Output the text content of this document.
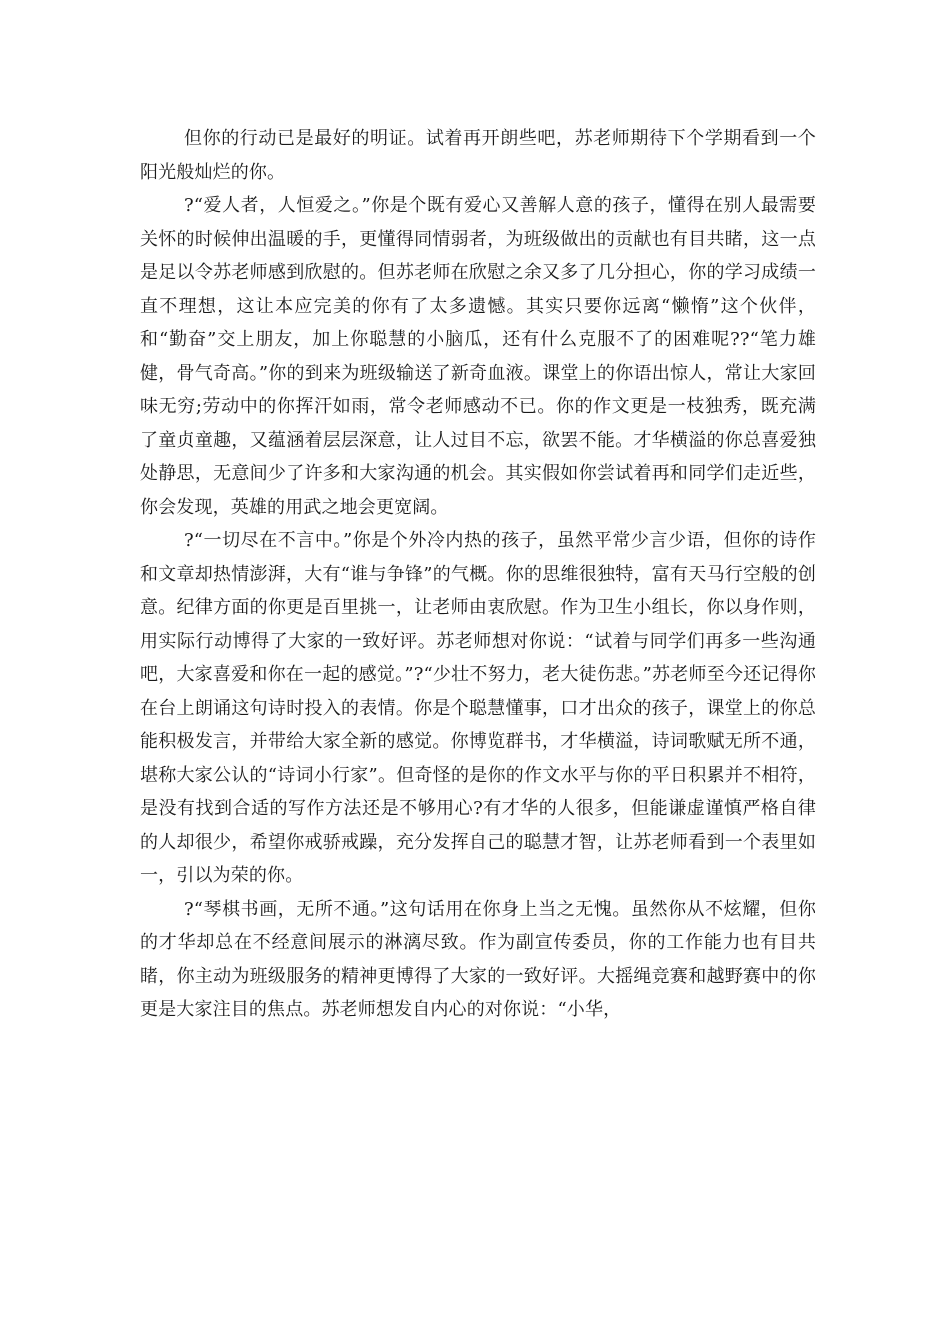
但你的行动已是最好的明证。试着再开朗些吧，苏老师期待下个学期看到一个阳光般灿烂的你。

?“爱人者，人恒爱之。”你是个既有爱心又善解人意的孩子，懂得在别人最需要关怀的时候伸出温暖的手，更懂得同情弱者，为班级做出的贡献也有目共睹，这一点是足以令苏老师感到欣慰的。但苏老师在欣慰之余又多了几分担心，你的学习成绩一直不理想，这让本应完美的你有了太多遗憾。其实只要你远离“懒惰”这个伙伴，和“勤奋”交上朋友，加上你聪慧的小脑瓜，还有什么克服不了的困难呢??“笔力雄健，骨气奇高。”你的到来为班级输送了新奇血液。课堂上的你语出惊人，常让大家回味无穷;劳动中的你挥汗如雨，常令老师感动不已。你的作文更是一枝独秀，既充满了童贞童趣，又蕴涵着层层深意，让人过目不忘，欲罢不能。才华横溢的你总喜爱独处静思，无意间少了许多和大家沟通的机会。其实假如你尝试着再和同学们走近些，你会发现，英雄的用武之地会更宽阔。

?“一切尽在不言中。”你是个外冷内热的孩子，虽然平常少言少语，但你的诗作和文章却热情澎湃，大有“谁与争锋”的气概。你的思维很独特，富有天马行空般的创意。纪律方面的你更是百里挑一，让老师由衷欣慰。作为卫生小组长，你以身作则，用实际行动博得了大家的一致好评。苏老师想对你说：“试着与同学们再多一些沟通吧，大家喜爱和你在一起的感觉。”?“少壮不努力，老大徒伤悲。”苏老师至今还记得你在台上朗诵这句诗时投入的表情。你是个聪慧懂事，口才出众的孩子，课堂上的你总能积极发言，并带给大家全新的感觉。你博览群书，才华横溢，诗词歌赋无所不通，堪称大家公认的“诗词小行家”。但奇怪的是你的作文水平与你的平日积累并不相符，是没有找到合适的写作方法还是不够用心?有才华的人很多，但能谦虚谨慎严格自律的人却很少，希望你戒骄戒躁，充分发挥自己的聪慧才智，让苏老师看到一个表里如一，引以为荣的你。

?“琴棋书画，无所不通。”这句话用在你身上当之无愧。虽然你从不炫耀，但你的才华却总在不经意间展示的淋漓尽致。作为副宣传委员，你的工作能力也有目共睹，你主动为班级服务的精神更博得了大家的一致好评。大摇绳竞赛和越野赛中的你更是大家注目的焦点。苏老师想发自内心的对你说：“小华，
